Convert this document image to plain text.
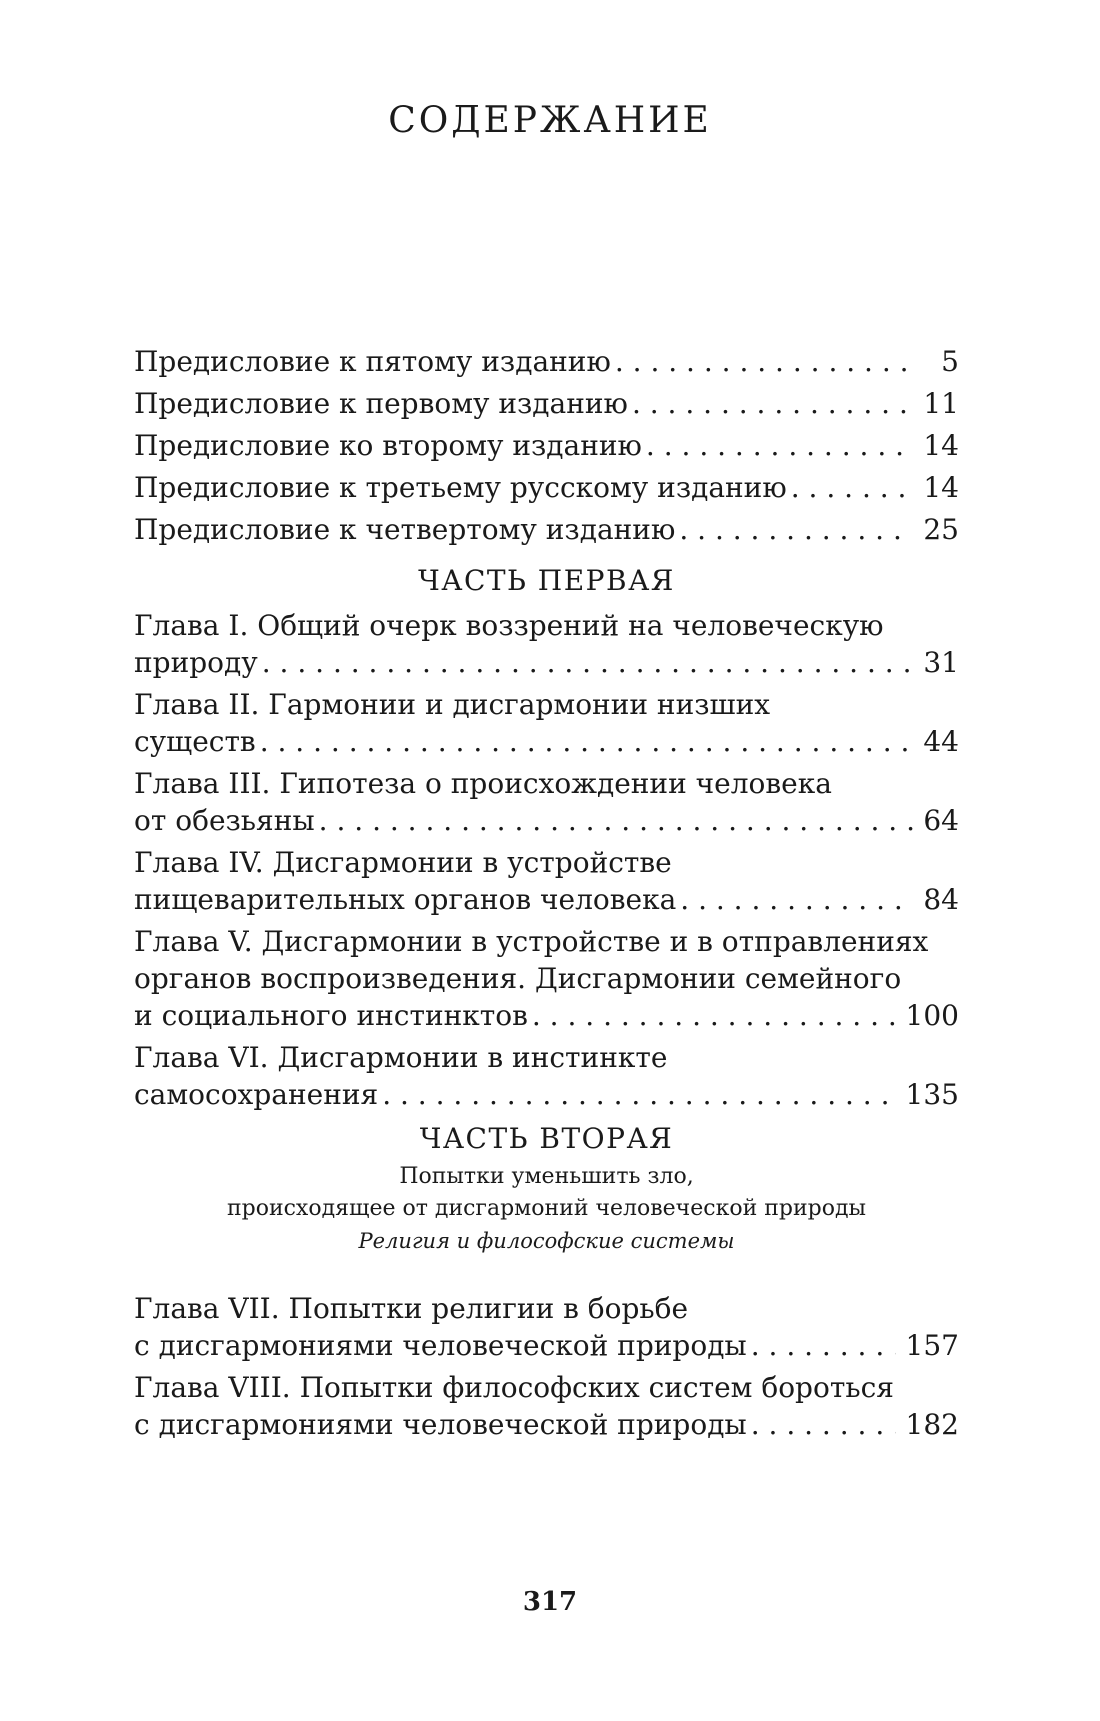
СОДЕРЖАНИЕ
Предисловие к пятому изданию . . .	5
Предисловие к первому изданию . . .	11
Предисловие ко второму изданию . . .	14
Предисловие к третьему русскому изданию . . .	14
Предисловие к четвертому изданию . . .	25

ЧАСТЬ ПЕРВАЯ

Глава I. Общий очерк воззрений на человеческую
природу . . .	31
Глава II. Гармонии и дисгармонии низших
существ . . .	44
Глава III. Гипотеза о происхождении человека
от обезьяны . . .	64
Глава IV. Дисгармонии в устройстве
пищеварительных органов человека . . .	84
Глава V. Дисгармонии в устройстве и в отправлениях
органов воспроизведения. Дисгармонии семейного
и социального инстинктов . . .	100
Глава VI. Дисгармонии в инстинкте
самосохранения . . .	135

ЧАСТЬ ВТОРАЯ

Попытки уменьшить зло,

происходящее от дисгармоний человеческой природы

Религия и философские системы

Глава VII. Попытки религии в борьбе
с дисгармониями человеческой природы . . .	157
Глава VIII. Попытки философских систем бороться
с дисгармониями человеческой природы . . .	182
317
